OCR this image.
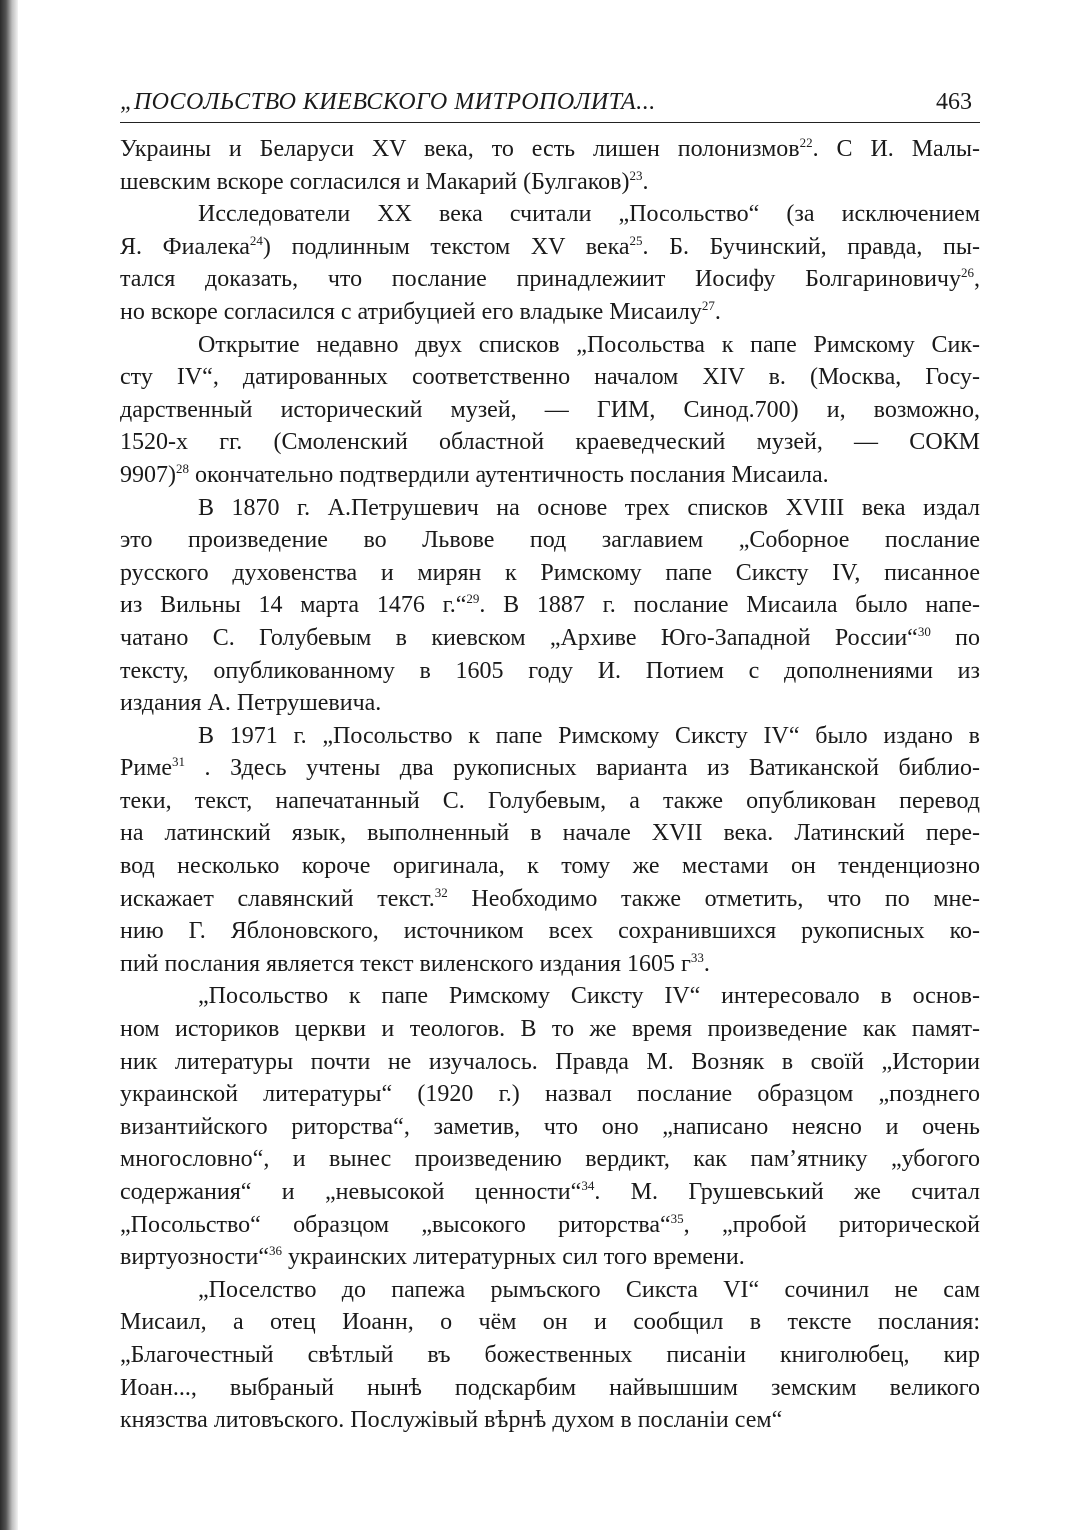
„ПОСОЛЬСТВО КИЕВСКОГО МИТРОПОЛИТА...	463
Украины и Беларуси XV века, то есть лишен полонизмов$^{22}$. С И. Малы-
шевским вскоре согласился и Макарий (Булгаков)$^{23}$.
Исследователи XX века считали „Посольство“ (за исключением
Я. Фиалека$^{24}$) подлинным текстом XV века$^{25}$. Б. Бучинский, правда, пы-
тался доказать, что послание принадлежиит Иосифу Болгариновичу$^{26}$,
но вскоре согласился с атрибуцией его владыке Мисаилу$^{27}$.
Открытие недавно двух списков „Посольства к папе Римскому Сик-
сту IV“, датированных соответственно началом XIV в. (Москва, Госу-
дарственный исторический музей, — ГИМ, Синод.700) и, возможно,
1520-х гг. (Смоленский областной краеведческий музей, — СОКМ
9907)$^{28}$ окончательно подтвердили аутентичность послания Мисаила.
В 1870 г. А.Петрушевич на основе трех списков XVIII века издал
это произведение во Львове под заглавием „Соборное послание
русского духовенства и мирян к Римскому папе Сиксту IV, писанное
из Вильны 14 марта 1476 г.“$^{29}$. В 1887 г. послание Мисаила было напе-
чатано С. Голубевым в киевском „Архиве Юго-Западной России“$^{30}$ по
тексту, опубликованному в 1605 году И. Потием с дополнениями из
издания А. Петрушевича.
В 1971 г. „Посольство к папе Римскому Сиксту IV“ было издано в
Риме$^{31}$ . Здесь учтены два рукописных варианта из Ватиканской библио-
теки, текст, напечатанный С. Голубевым, а также опубликован перевод
на латинский язык, выполненный в начале XVII века. Латинский пере-
вод несколько короче оригинала, к тому же местами он тенденциозно
искажает славянский текст.$^{32}$ Необходимо также отметить, что по мне-
нию Г. Яблоновского, источником всех сохранившихся рукописных ко-
пий послания является текст виленского издания 1605 $г^{33}$.
„Посольство к папе Римскому Сиксту IV“ интересовало в основ-
ном историков церкви и теологов. В то же время произведение как памят-
ник литературы почти не изучалось. Правда М. Возняк в своїй „Истории
украинской литературы“ (1920 г.) назвал послание образцом „позднего
византийского риторства“, заметив, что оно „написано неясно и очень
многословно“, и вынес произведению вердикт, как пам’ятнику „убогого
содержания“ и „невысокой ценности“$^{34}$. М. Грушевський же считал
„Посольство“ образцом „высокого риторства“$^{35}$, „пробой риторической
виртуозности“$^{36}$ украинских литературных сил того времени.
„Поселство до папежа рымъского Сикста VI“ сочинил не сам
Мисаил, а отец Иоанн, о чём он и сообщил в тексте послания:
„Благочестный свѣтлый въ божественных писанiи книголюбец, кир
Иоан..., выбраный нынѣ подскарбим найвышшим земским великого
князства литовъского. Послужiвый вѣрнѣ духом в посланiи сем“
